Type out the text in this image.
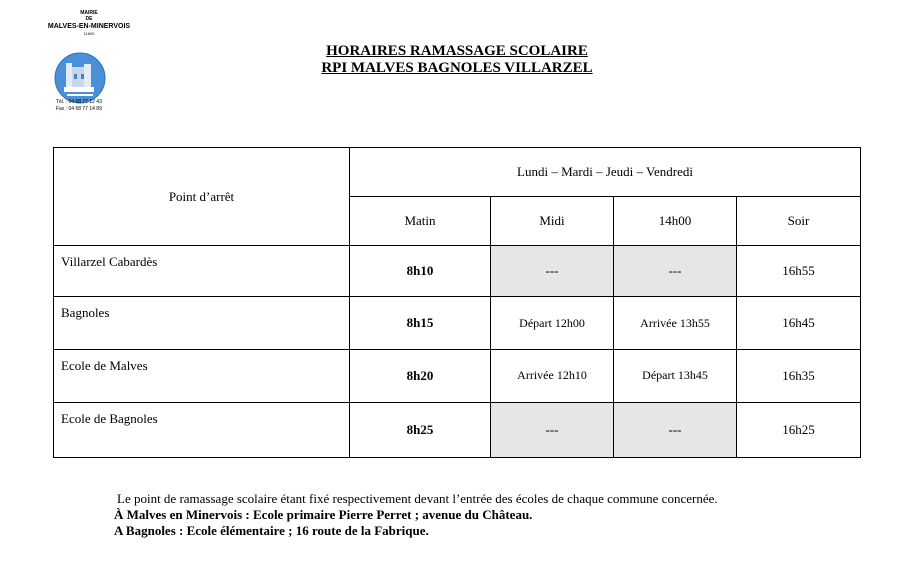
MAIRIE
DE
MALVES-EN-MINERVOIS
11600
Tél. : 04 68 77 12 43
Fax : 04 68 77 14 89
HORAIRES RAMASSAGE SCOLAIRE
RPI MALVES BAGNOLES VILLARZEL
Point d’arrêt	Lundi – Mardi – Jeudi – Vendredi			
	Matin	Midi	14h00	Soir
Villarzel Cabardès	8h10	---	---	16h55
Bagnoles	8h15	Départ 12h00	Arrivée 13h55	16h45
Ecole de Malves	8h20	Arrivée 12h10	Départ 13h45	16h35
Ecole de Bagnoles	8h25	---	---	16h25
Le point de ramassage scolaire étant fixé respectivement devant l’entrée des écoles de chaque commune concernée.
À Malves en Minervois : Ecole primaire Pierre Perret ; avenue du Château.
A Bagnoles : Ecole élémentaire ; 16 route de la Fabrique.
